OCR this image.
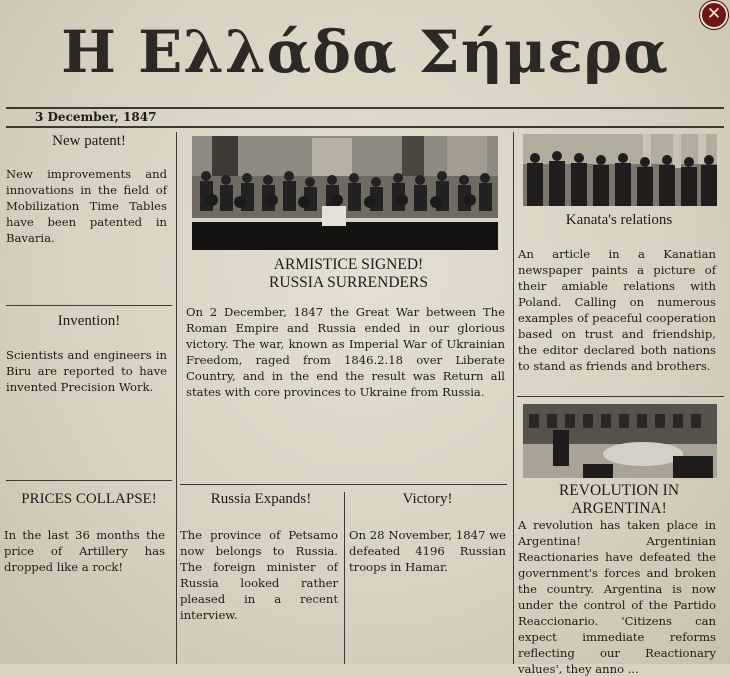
Η Ελλάδα Σήμερα
✕
3 December, 1847
New patent!
New improvements and innovations in the field of Mobilization Time Tables have been patented in Bavaria.
Invention!
Scientists and engineers in Biru are reported to have invented Precision Work.
PRICES COLLAPSE!
In the last 36 months the price of Artillery has dropped like a rock!
ARMISTICE SIGNED!
RUSSIA SURRENDERS
On 2 December, 1847 the Great War between The Roman Empire and Russia ended in our glorious victory. The war, known as Imperial War of Ukrainian Freedom, raged from 1846.2.18 over Liberate Country, and in the end the result was Return all states with core provinces to Ukraine from Russia.
Russia Expands!
The province of Petsamo now belongs to Russia. The foreign minister of Russia looked rather pleased in a recent interview.
Victory!
On 28 November, 1847 we defeated 4196 Russian troops in Hamar.
Kanata's relations
An article in a Kanatian newspaper paints a picture of their amiable relations with Poland. Calling on numerous examples of peaceful cooperation based on trust and friendship, the editor declared both nations to stand as friends and brothers.
REVOLUTION IN
ARGENTINA!
A revolution has taken place in Argentina! Argentinian Reactionaries have defeated the government's forces and broken the country. Argentina is now under the control of the Partido Reaccionario. 'Citizens can expect immediate reforms reflecting our Reactionary values', they anno ...
